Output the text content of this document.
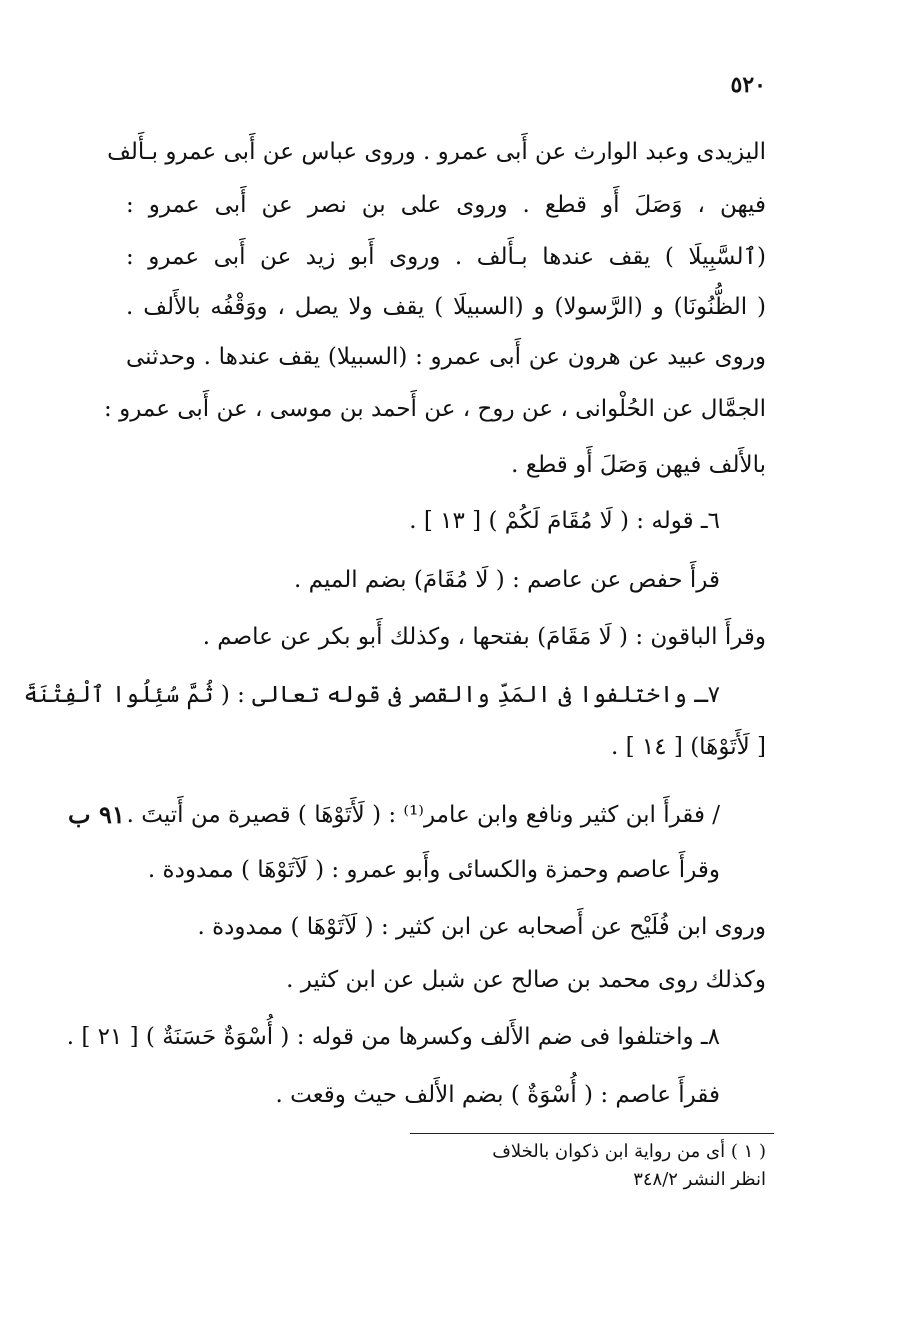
٥٢٠
اليزيدى وعبد الوارث عن أَبى عمرو . وروى عباس عن أَبى عمرو بـأَلف
فيهن ، وَصَلَ أَو قطع . وروى على بن نصر عن أَبى عمرو :
(ٱلسَّبِيلَا ) يقف عندها بـأَلف . وروى أَبو زيد عن أَبى عمرو :
( الظُّنُونَا) و (الرَّسولا) و (السبيلَا ) يقف ولا يصل ، ووَقْفُه بالأَلف .
وروى عبيد عن هرون عن أَبى عمرو : (السبيلا) يقف عندها . وحدثنى
الجمَّال عن الحُلْوانى ، عن روح ، عن أَحمد بن موسى ، عن أَبى عمرو :
بالأَلف فيهن وَصَلَ أَو قطع .
٦ـ قوله : ( لَا مُقَامَ لَكُمْ ) [ ١٣ ] .
قرأَ حفص عن عاصم : ( لَا مُقَامَ) بضم الميم .
وقرأَ الباقون : ( لَا مَقَامَ) بفتحها ، وكذلك أَبو بكر عن عاصم .
٧ـ واختلفوا فى المَدِّ والقصر فى قوله تعالى : ( ثُمَّ سُئِلُوا ٱلْفِتْنَةَ
[ لَأَتَوْهَا) [ ١٤ ] .
٩١ ب / فقرأَ ابن كثير ونافع وابن عامر⁽¹⁾ : ( لَأَتَوْهَا ) قصيرة من أَتيتَ .
وقرأَ عاصم وحمزة والكسائى وأَبو عمرو : ( لَآتَوْهَا ) ممدودة .
وروى ابن فُلَيْح عن أَصحابه عن ابن كثير : ( لَآتَوْهَا ) ممدودة .
وكذلك روى محمد بن صالح عن شبل عن ابن كثير .
٨ـ واختلفوا فى ضم الأَلف وكسرها من قوله : ( أُسْوَةٌ حَسَنَةٌ ) [ ٢١ ] .
فقرأَ عاصم : ( أُسْوَةٌ ) بضم الأَلف حيث وقعت .
( ١ ) أى من رواية ابن ذكوان بالخلاف
انظر النشر ٣٤٨/٢
